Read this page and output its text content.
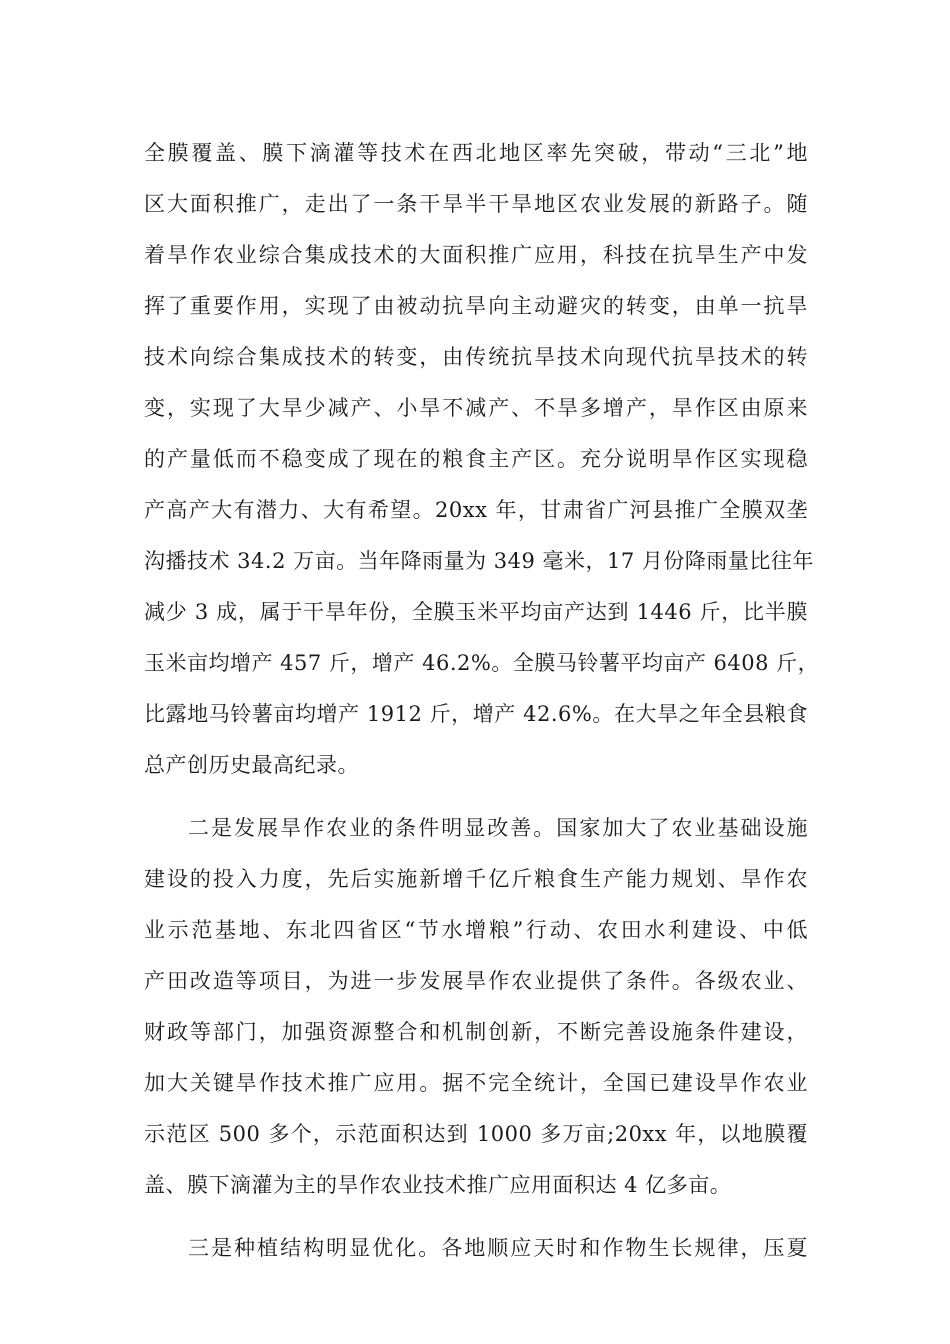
全膜覆盖、膜下滴灌等技术在西北地区率先突破，带动“三北”地
区大面积推广，走出了一条干旱半干旱地区农业发展的新路子。随
着旱作农业综合集成技术的大面积推广应用，科技在抗旱生产中发
挥了重要作用，实现了由被动抗旱向主动避灾的转变，由单一抗旱
技术向综合集成技术的转变，由传统抗旱技术向现代抗旱技术的转
变，实现了大旱少减产、小旱不减产、不旱多增产，旱作区由原来
的产量低而不稳变成了现在的粮食主产区。充分说明旱作区实现稳
产高产大有潜力、大有希望。20xx 年，甘肃省广河县推广全膜双垄
沟播技术 34.2 万亩。当年降雨量为 349 毫米，17 月份降雨量比往年
减少 3 成，属于干旱年份，全膜玉米平均亩产达到 1446 斤，比半膜
玉米亩均增产 457 斤，增产 46.2%。全膜马铃薯平均亩产 6408 斤，
比露地马铃薯亩均增产 1912 斤，增产 42.6%。在大旱之年全县粮食
总产创历史最高纪录。
二是发展旱作农业的条件明显改善。国家加大了农业基础设施
建设的投入力度，先后实施新增千亿斤粮食生产能力规划、旱作农
业示范基地、东北四省区“节水增粮”行动、农田水利建设、中低
产田改造等项目，为进一步发展旱作农业提供了条件。各级农业、
财政等部门，加强资源整合和机制创新，不断完善设施条件建设，
加大关键旱作技术推广应用。据不完全统计，全国已建设旱作农业
示范区 500 多个，示范面积达到 1000 多万亩;20xx 年，以地膜覆
盖、膜下滴灌为主的旱作农业技术推广应用面积达 4 亿多亩。
三是种植结构明显优化。各地顺应天时和作物生长规律，压夏
